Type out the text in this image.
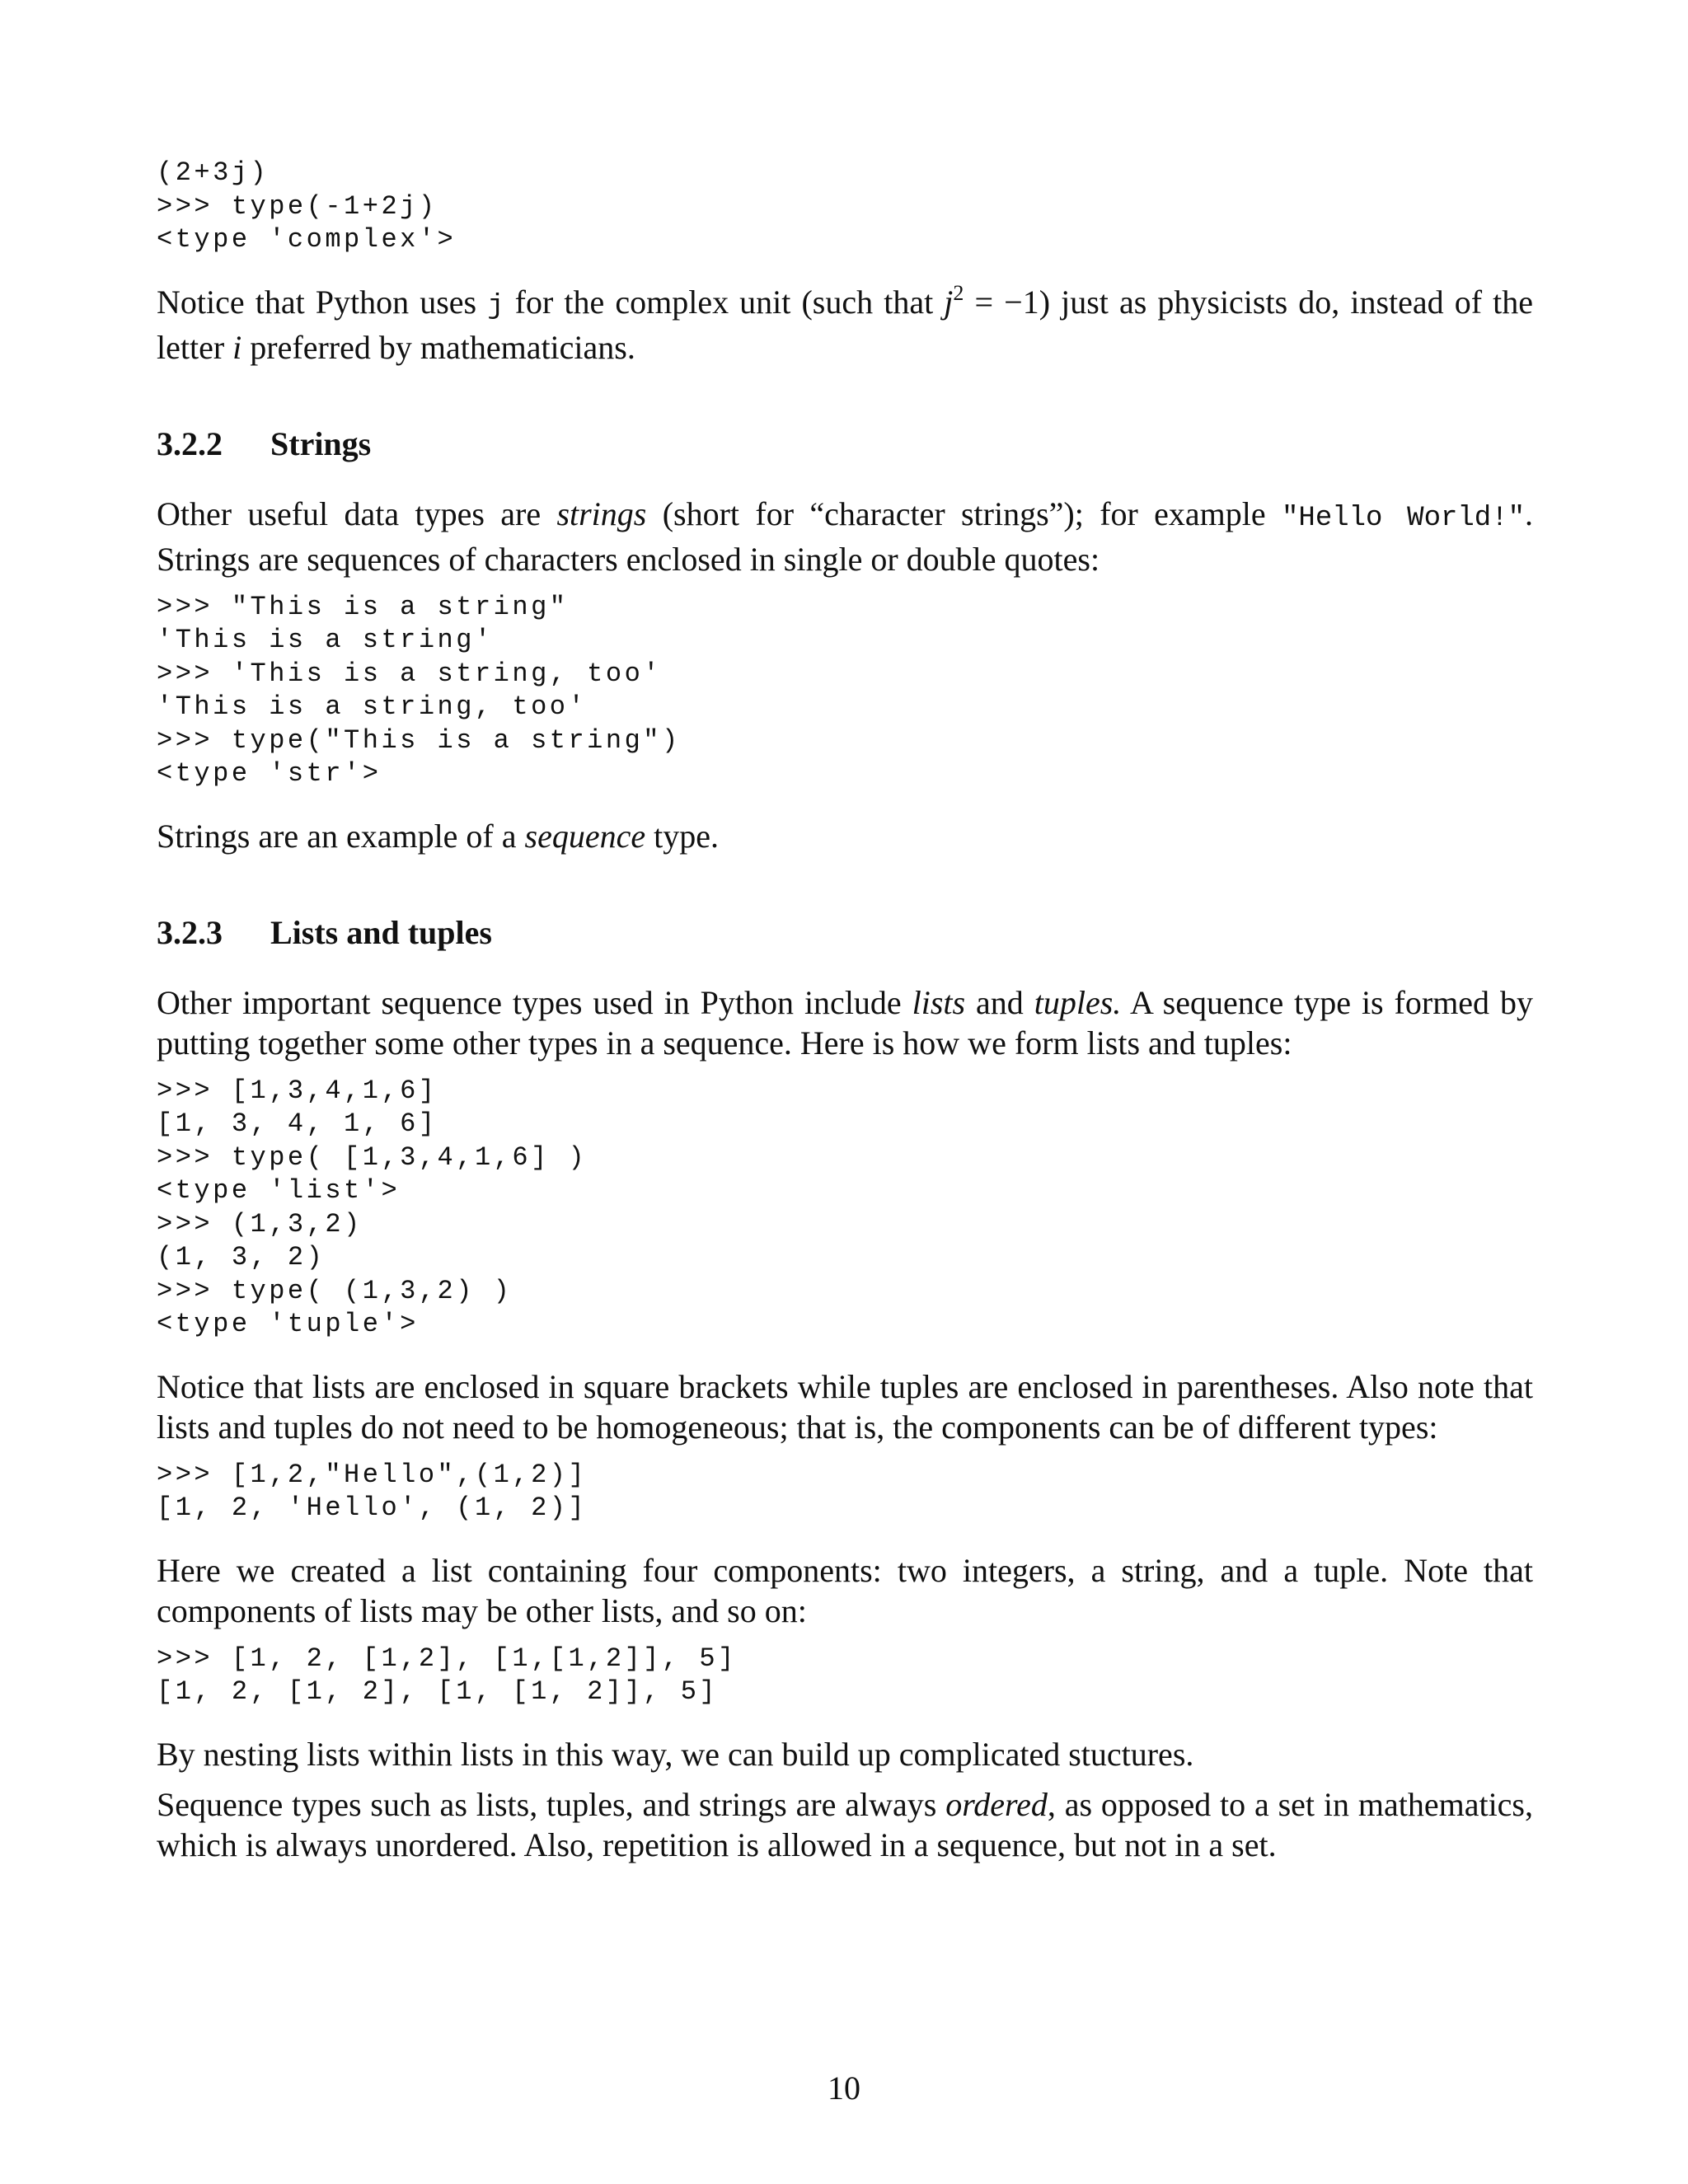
(2+3j)
>>> type(-1+2j)
<type 'complex'>

Notice that Python uses j for the complex unit (such that $j^2 = -1$) just as physicists do, instead of the letter i preferred by mathematicians.

3.2.2 Strings

Other useful data types are strings (short for “character strings”); for example "Hello World!". Strings are sequences of characters enclosed in single or double quotes:

>>> "This is a string"
'This is a string'
>>> 'This is a string, too'
'This is a string, too'
>>> type("This is a string")
<type 'str'>

Strings are an example of a sequence type.

3.2.3 Lists and tuples

Other important sequence types used in Python include lists and tuples. A sequence type is formed by putting together some other types in a sequence. Here is how we form lists and tuples:

>>> [1,3,4,1,6]
[1, 3, 4, 1, 6]
>>> type( [1,3,4,1,6] )
<type 'list'>
>>> (1,3,2)
(1, 3, 2)
>>> type( (1,3,2) )
<type 'tuple'>

Notice that lists are enclosed in square brackets while tuples are enclosed in parentheses. Also note that lists and tuples do not need to be homogeneous; that is, the components can be of different types:

>>> [1,2,"Hello",(1,2)]
[1, 2, 'Hello', (1, 2)]

Here we created a list containing four components: two integers, a string, and a tuple. Note that components of lists may be other lists, and so on:

>>> [1, 2, [1,2], [1,[1,2]], 5]
[1, 2, [1, 2], [1, [1, 2]], 5]

By nesting lists within lists in this way, we can build up complicated stuctures.

Sequence types such as lists, tuples, and strings are always ordered, as opposed to a set in mathematics, which is always unordered. Also, repetition is allowed in a sequence, but not in a set.

10
